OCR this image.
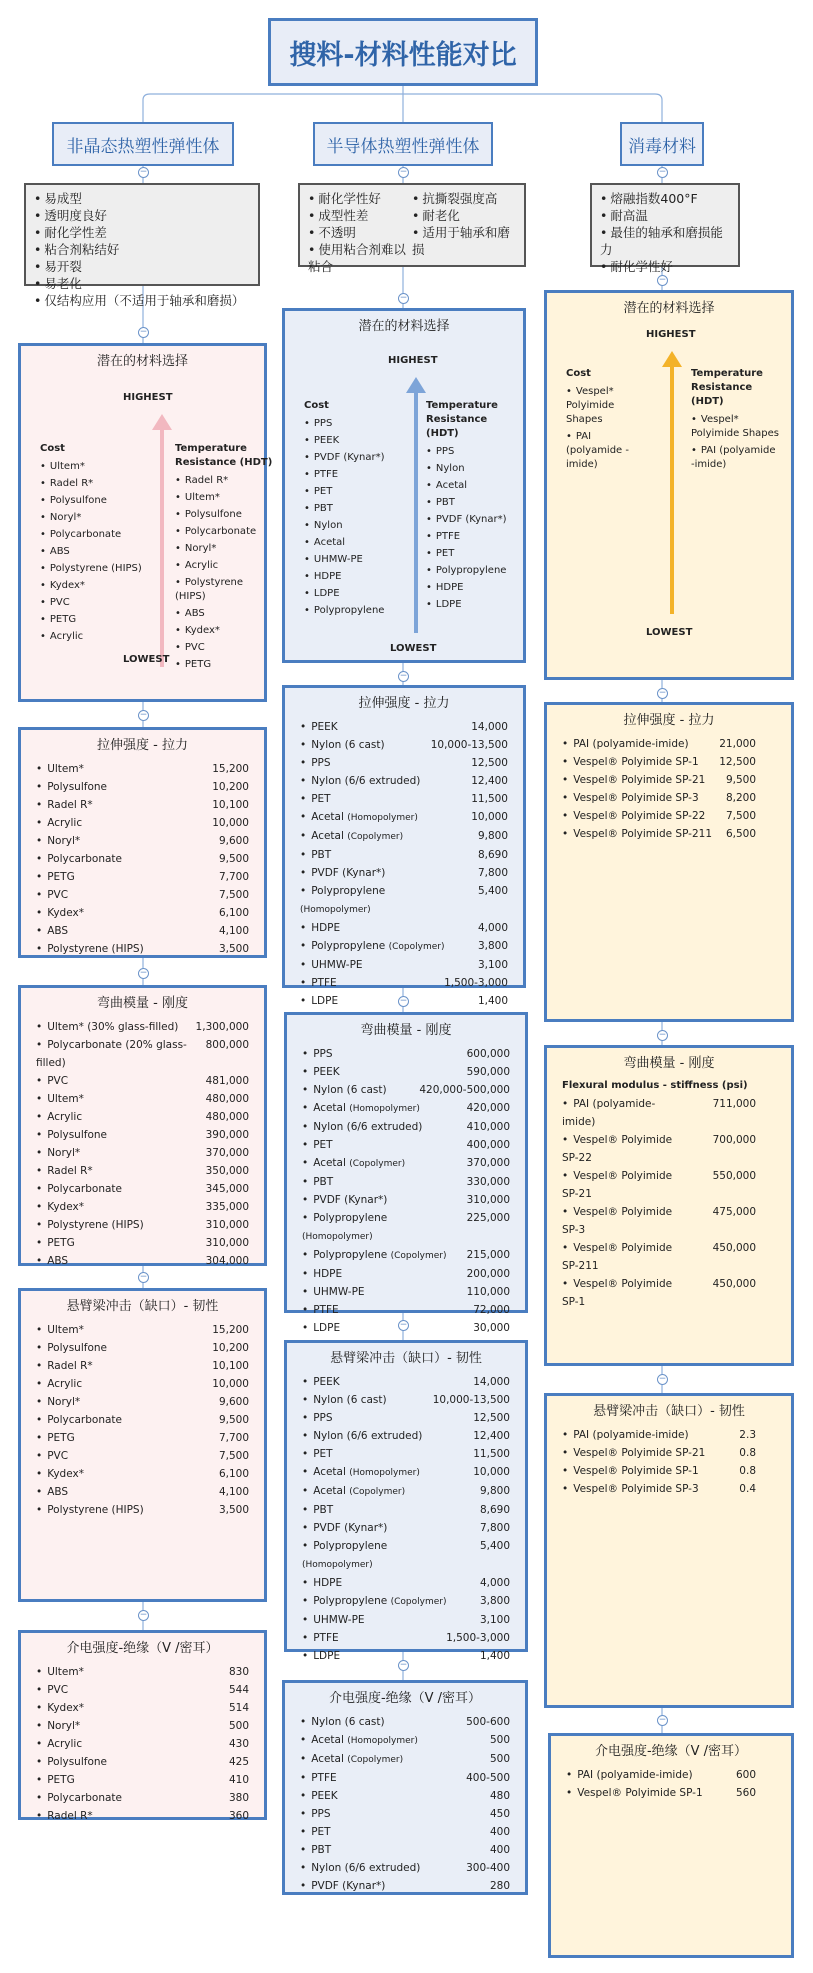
−	−	−
−
−
−
−
−
−
−
−
−
−
−
−
−
−
−
搜料-材料性能对比
非晶态热塑性弹性体	半导体热塑性弹性体	消毒材料
• 易成型
• 透明度良好
• 耐化学性差
• 粘合剂粘结好
• 易开裂
• 易老化
• 仅结构应用（不适用于轴承和磨损）
• 耐化学性好
• 成型性差
• 不透明
• 使用粘合剂难以粘合
• 抗撕裂强度高
• 耐老化
• 适用于轴承和磨损
• 熔融指数400°F
• 耐高温
• 最佳的轴承和磨损能力
• 耐化学性好
潜在的材料选择
HIGHEST
LOWEST
Cost
• Ultem*
• Radel R*
• Polysulfone
• Noryl*
• Polycarbonate
• ABS
• Polystyrene (HIPS)
• Kydex*
• PVC
• PETG
• Acrylic
Temperature Resistance (HDT)
• Radel R*
• Ultem*
• Polysulfone
• Polycarbonate
• Noryl*
• Acrylic
• Polystyrene (HIPS)
• ABS
• Kydex*
• PVC
• PETG
潜在的材料选择
HIGHEST
LOWEST
Cost
• PPS
• PEEK
• PVDF (Kynar*)
• PTFE
• PET
• PBT
• Nylon
• Acetal
• UHMW-PE
• HDPE
• LDPE
• Polypropylene
Temperature Resistance (HDT)
• PPS
• Nylon
• Acetal
• PBT
• PVDF (Kynar*)
• PTFE
• PET
• Polypropylene
• HDPE
• LDPE
潜在的材料选择
HIGHEST
LOWEST
Cost
• Vespel* Polyimide Shapes
• PAI (polyamide -imide)
Temperature Resistance (HDT)
• Vespel* Polyimide Shapes
• PAI (polyamide -imide)
拉伸强度 - 拉力
• Ultem*	15,200
• Polysulfone	10,200
• Radel R*	10,100
• Acrylic	10,000
• Noryl*	9,600
• Polycarbonate	9,500
• PETG	7,700
• PVC	7,500
• Kydex*	6,100
• ABS	4,100
• Polystyrene (HIPS)	3,500
拉伸强度 - 拉力
• PEEK	14,000
• Nylon (6 cast)	10,000-13,500
• PPS	12,500
• Nylon (6/6 extruded)	12,400
• PET	11,500
• Acetal (Homopolymer)	10,000
• Acetal (Copolymer)	9,800
• PBT	8,690
• PVDF (Kynar*)	7,800
• Polypropylene (Homopolymer)
5,400
• HDPE	4,000
• Polypropylene (Copolymer)	3,800
• UHMW-PE	3,100
• PTFE	1,500-3,000
• LDPE	1,400
拉伸强度 - 拉力
• PAI (polyamide-imide)	21,000
• Vespel® Polyimide SP-1	12,500
• Vespel® Polyimide SP-21	9,500
• Vespel® Polyimide SP-3	8,200
• Vespel® Polyimide SP-22	7,500
• Vespel® Polyimide SP-211	6,500
弯曲模量 - 刚度
• Ultem* (30% glass-filled)	1,300,000
• Polycarbonate (20% glass-filled)
800,000
• PVC	481,000
• Ultem*	480,000
• Acrylic	480,000
• Polysulfone	390,000
• Noryl*	370,000
• Radel R*	350,000
• Polycarbonate	345,000
• Kydex*	335,000
• Polystyrene (HIPS)	310,000
• PETG	310,000
• ABS	304,000
弯曲模量 - 刚度
• PPS	600,000
• PEEK	590,000
• Nylon (6 cast)	420,000-500,000
• Acetal (Homopolymer)	420,000
• Nylon (6/6 extruded)	410,000
• PET	400,000
• Acetal (Copolymer)	370,000
• PBT	330,000
• PVDF (Kynar*)	310,000
• Polypropylene (Homopolymer)
225,000
• Polypropylene (Copolymer)	215,000
• HDPE	200,000
• UHMW-PE	110,000
• PTFE	72,000
• LDPE	30,000
弯曲模量 - 刚度
Flexural modulus - stiffness (psi)
• PAI (polyamide-imide)
711,000
• Vespel® Polyimide SP-22
700,000
• Vespel® Polyimide SP-21
550,000
• Vespel® Polyimide SP-3
475,000
• Vespel® Polyimide SP-211
450,000
• Vespel® Polyimide SP-1
450,000
悬臂梁冲击（缺口）- 韧性
• Ultem*	15,200
• Polysulfone	10,200
• Radel R*	10,100
• Acrylic	10,000
• Noryl*	9,600
• Polycarbonate	9,500
• PETG	7,700
• PVC	7,500
• Kydex*	6,100
• ABS	4,100
• Polystyrene (HIPS)	3,500
悬臂梁冲击（缺口）- 韧性
• PEEK	14,000
• Nylon (6 cast)	10,000-13,500
• PPS	12,500
• Nylon (6/6 extruded)	12,400
• PET	11,500
• Acetal (Homopolymer)	10,000
• Acetal (Copolymer)	9,800
• PBT	8,690
• PVDF (Kynar*)	7,800
• Polypropylene (Homopolymer)
5,400
• HDPE	4,000
• Polypropylene (Copolymer)	3,800
• UHMW-PE	3,100
• PTFE	1,500-3,000
• LDPE	1,400
悬臂梁冲击（缺口）- 韧性
• PAI (polyamide-imide)	2.3
• Vespel® Polyimide SP-21	0.8
• Vespel® Polyimide SP-1	0.8
• Vespel® Polyimide SP-3	0.4
介电强度-绝缘（V /密耳）
• Ultem*	830
• PVC	544
• Kydex*	514
• Noryl*	500
• Acrylic	430
• Polysulfone	425
• PETG	410
• Polycarbonate	380
• Radel R*	360
介电强度-绝缘（V /密耳）
• Nylon (6 cast)	500-600
• Acetal (Homopolymer)	500
• Acetal (Copolymer)	500
• PTFE	400-500
• PEEK	480
• PPS	450
• PET	400
• PBT	400
• Nylon (6/6 extruded)	300-400
• PVDF (Kynar*)	280
介电强度-绝缘（V /密耳）
• PAI (polyamide-imide)	600
• Vespel® Polyimide SP-1	560
